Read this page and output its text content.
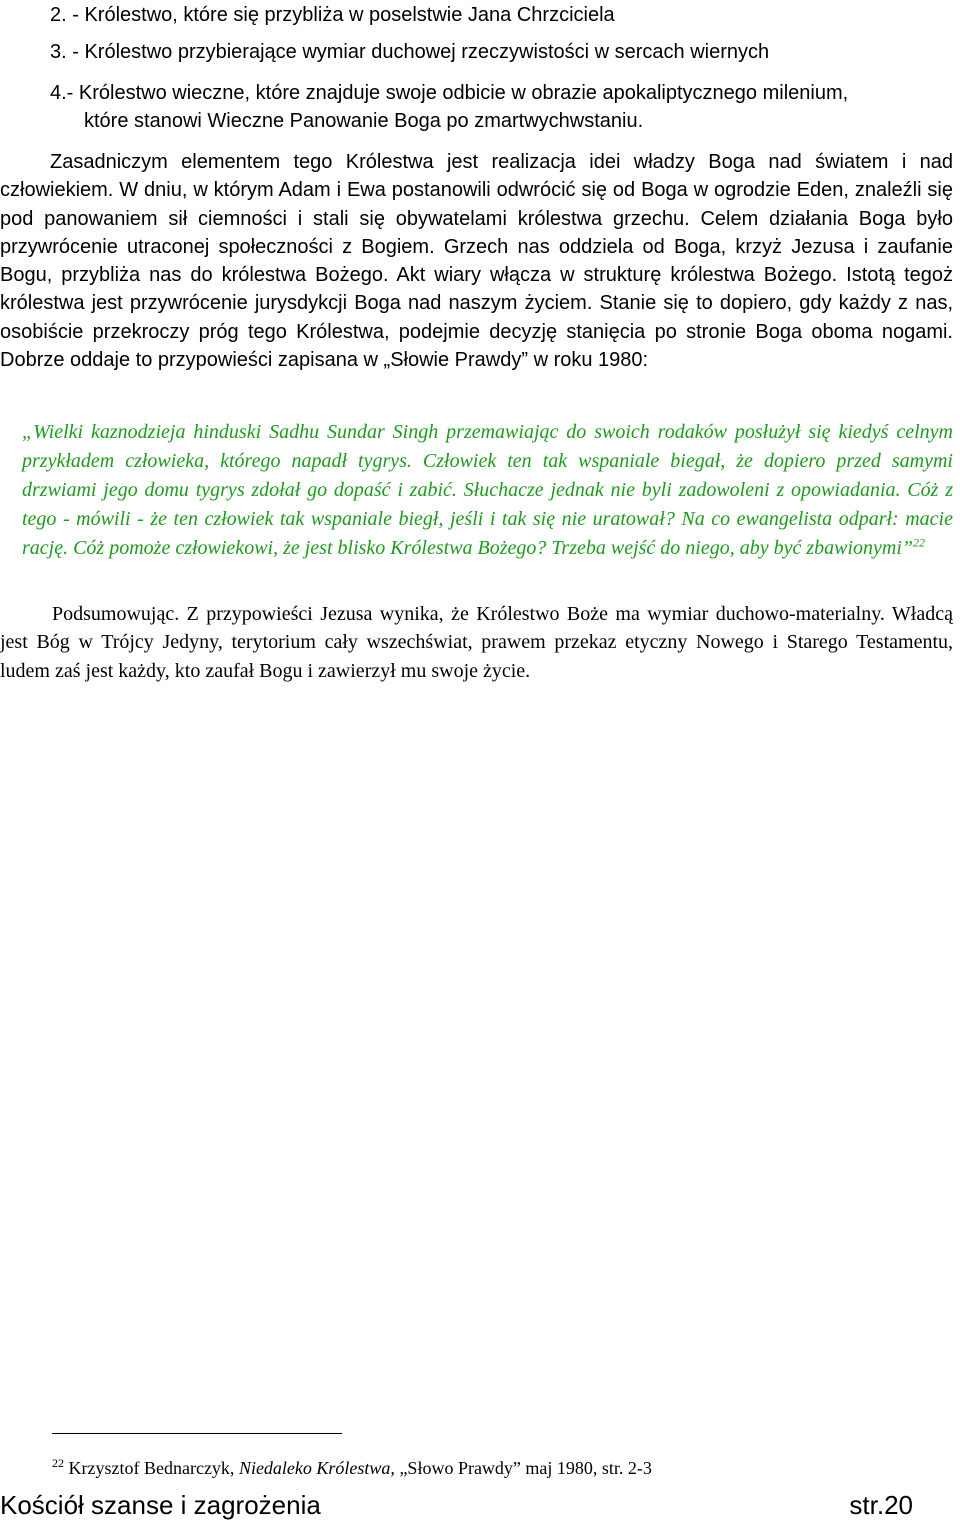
2. - Królestwo, które się przybliża w poselstwie Jana Chrzciciela
3. - Królestwo przybierające wymiar duchowej rzeczywistości w sercach wiernych
4.- Królestwo wieczne, które znajduje swoje odbicie w obrazie apokaliptycznego milenium,
które stanowi Wieczne Panowanie Boga po zmartwychwstaniu.
Zasadniczym elementem tego Królestwa jest realizacja idei władzy Boga nad światem i nad człowiekiem. W dniu, w którym Adam i Ewa postanowili odwrócić się od Boga w ogrodzie Eden, znaleźli się pod panowaniem sił ciemności i stali się obywatelami królestwa grzechu. Celem działania Boga było przywrócenie utraconej społeczności z Bogiem. Grzech nas oddziela od Boga, krzyż Jezusa i zaufanie Bogu, przybliża nas do królestwa Bożego. Akt wiary włącza w strukturę królestwa Bożego. Istotą tegoż królestwa jest przywrócenie jurysdykcji Boga nad naszym życiem. Stanie się to dopiero, gdy każdy z nas, osobiście przekroczy próg tego Królestwa, podejmie decyzję stanięcia po stronie Boga oboma nogami. Dobrze oddaje to przypowieści zapisana w „Słowie Prawdy” w roku 1980:
„Wielki kaznodzieja hinduski Sadhu Sundar Singh przemawiając do swoich rodaków posłużył się kiedyś celnym przykładem człowieka, którego napadł tygrys. Człowiek ten tak wspaniale biegał, że dopiero przed samymi drzwiami jego domu tygrys zdołał go dopaść i zabić. Słuchacze jednak nie byli zadowoleni z opowiadania. Cóż z tego - mówili - że ten człowiek tak wspaniale biegł, jeśli i tak się nie uratował? Na co ewangelista odparł: macie rację. Cóż pomoże człowiekowi, że jest blisko Królestwa Bożego? Trzeba wejść do niego, aby być zbawionymi”$^{22}$
Podsumowując. Z przypowieści Jezusa wynika, że Królestwo Boże ma wymiar duchowo-materialny. Władcą jest Bóg w Trójcy Jedyny, terytorium cały wszechświat, prawem przekaz etyczny Nowego i Starego Testamentu, ludem zaś jest każdy, kto zaufał Bogu i zawierzył mu swoje życie.
$^{22}$ Krzysztof Bednarczyk, Niedaleko Królestwa, „Słowo Prawdy” maj 1980, str. 2-3
Kościół szanse i zagrożenia	str.20
